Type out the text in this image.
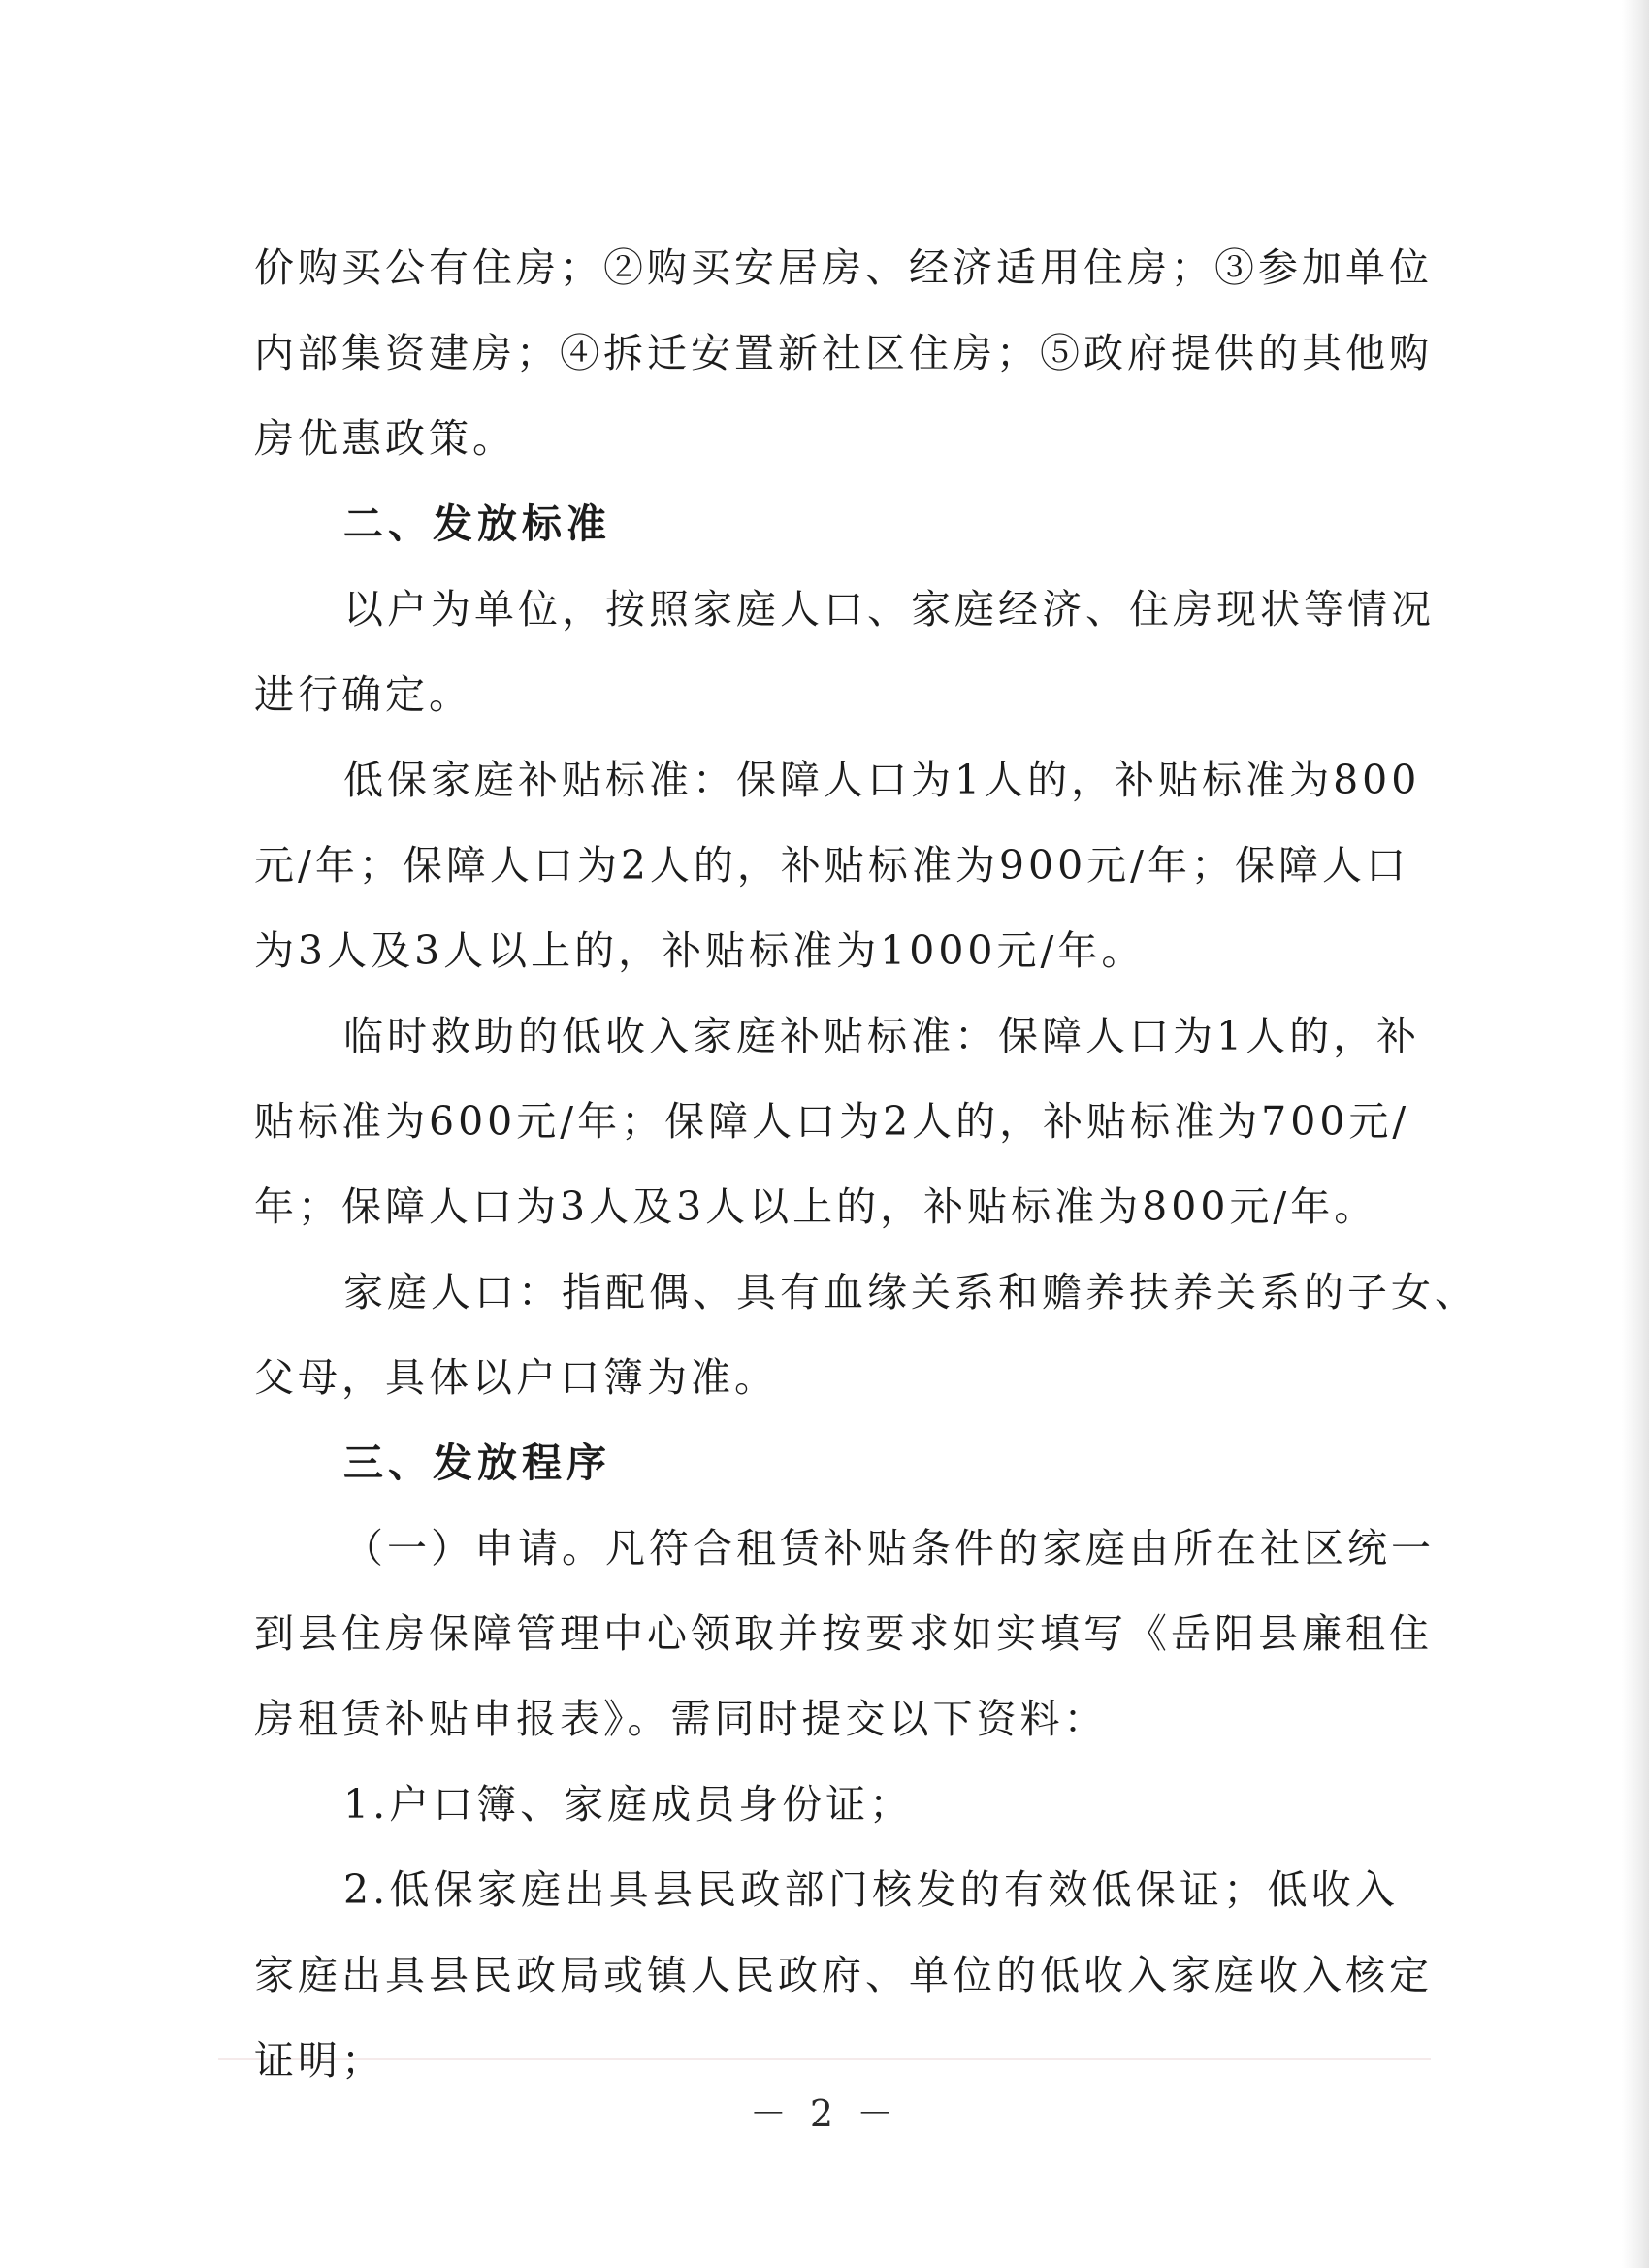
价购买公有住房；②购买安居房、经济适用住房；③参加单位
内部集资建房；④拆迁安置新社区住房；⑤政府提供的其他购
房优惠政策。
二、发放标准
以户为单位，按照家庭人口、家庭经济、住房现状等情况
进行确定。
低保家庭补贴标准：保障人口为1人的，补贴标准为800
元/年；保障人口为2人的，补贴标准为900元/年；保障人口
为3人及3人以上的，补贴标准为1000元/年。
临时救助的低收入家庭补贴标准：保障人口为1人的，补
贴标准为600元/年；保障人口为2人的，补贴标准为700元/
年；保障人口为3人及3人以上的，补贴标准为800元/年。
家庭人口：指配偶、具有血缘关系和赡养扶养关系的子女、
父母，具体以户口簿为准。
三、发放程序
（一）申请。凡符合租赁补贴条件的家庭由所在社区统一
到县住房保障管理中心领取并按要求如实填写《岳阳县廉租住
房租赁补贴申报表》。需同时提交以下资料：
1.户口簿、家庭成员身份证；
2.低保家庭出具县民政部门核发的有效低保证；低收入
家庭出具县民政局或镇人民政府、单位的低收入家庭收入核定
证明；
－ 2 －
